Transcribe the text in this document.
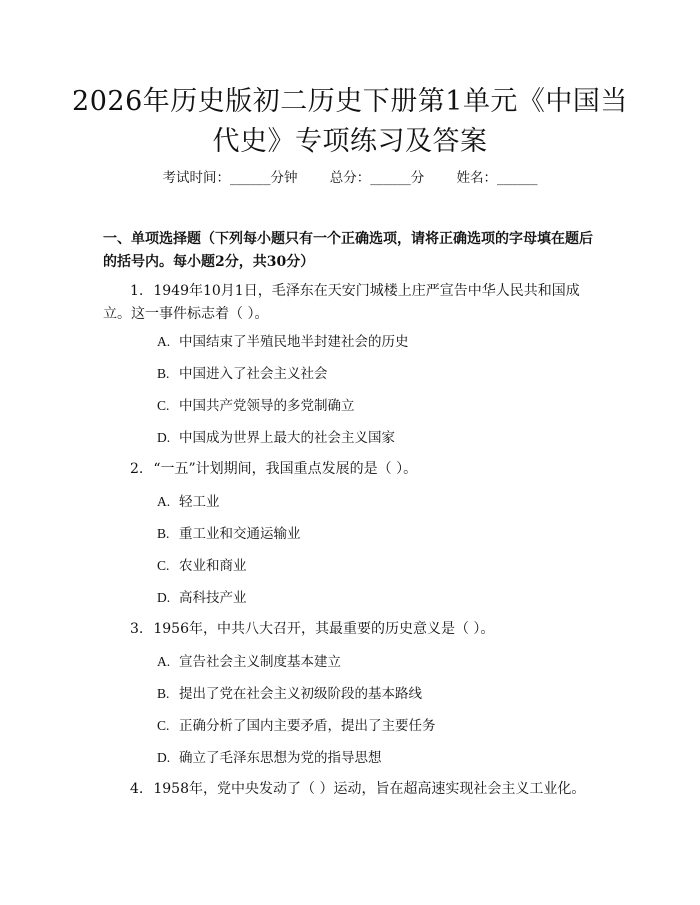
2026年历史版初二历史下册第1单元《中国当代史》专项练习及答案
考试时间：______分钟 总分：______分 姓名：______
一、单项选择题（下列每小题只有一个正确选项，请将正确选项的字母填在题后的括号内。每小题2分，共30分）
1. 1949年10月1日，毛泽东在天安门城楼上庄严宣告中华人民共和国成立。这一事件标志着（ ）。
A. 中国结束了半殖民地半封建社会的历史
B. 中国进入了社会主义社会
C. 中国共产党领导的多党制确立
D. 中国成为世界上最大的社会主义国家
2. “一五”计划期间，我国重点发展的是（ ）。
A. 轻工业
B. 重工业和交通运输业
C. 农业和商业
D. 高科技产业
3. 1956年，中共八大召开，其最重要的历史意义是（ ）。
A. 宣告社会主义制度基本建立
B. 提出了党在社会主义初级阶段的基本路线
C. 正确分析了国内主要矛盾，提出了主要任务
D. 确立了毛泽东思想为党的指导思想
4. 1958年，党中央发动了（ ）运动，旨在超高速实现社会主义工业化。
